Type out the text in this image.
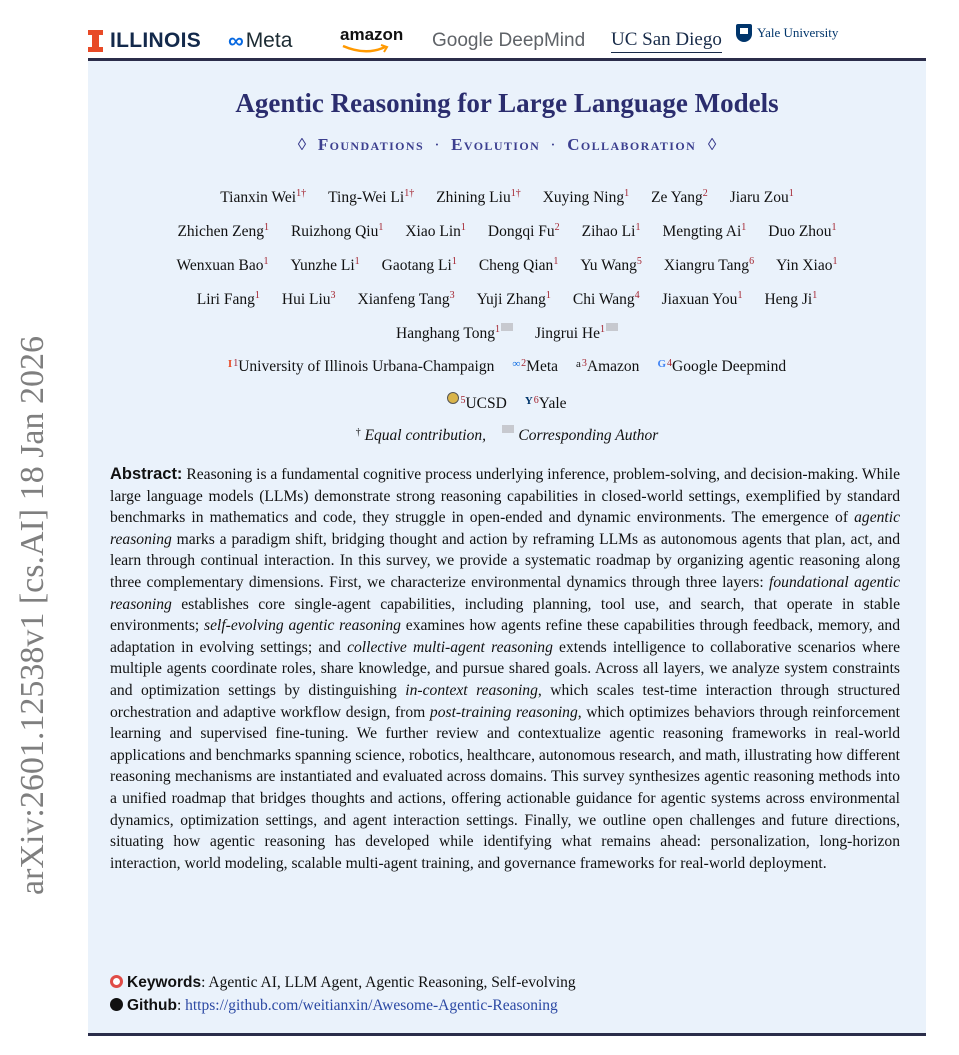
ILLINOIS ∞ Meta	amazon Google DeepMind UC San Diego	Yale University
arXiv:2601.12538v1 [cs.AI] 18 Jan 2026
Agentic Reasoning for Large Language Models
◊ Foundations · Evolution · Collaboration ◊
Tianxin Wei$^{1\dagger}$ Ting-Wei $Li^{1\dagger}$ Zhining Liu$^{1\dagger}$ Xuying Ning$^1$ Ze Yang$^2$ Jiaru Zou$^1$
Zhichen Zeng$^1$ Ruizhong Qiu$^1$ Xiao Lin$^1$ Dongqi Fu$^2$ Zihao Li$^1$ Mengting Ai$^1$ Duo Zhou$^1$
Wenxuan Bao$^1$ Yunzhe Li$^1$ Gaotang Li$^1$ Cheng Qian$^1$ Yu Wang$^5$ Xiangru Tang$^6$ Yin Xiao$^1$
Liri Fang$^1$ Hui Liu$^3$ Xianfeng Tang$^3$ Yuji Zhang$^1$ Chi Wang$^4$ Jiaxuan You$^1$ Heng Ji$^1$
Hanghang Tong$^1$ Jingrui He$^1$
$I^1University$ of Illinois Urbana-Champaign ∞$^2$Meta $a^3Amazon$ $G^4Google$ Deepmind
$^5$UCSD $Y^6Yale$
† Equal contribution, Corresponding Author
Abstract: Reasoning is a fundamental cognitive process underlying inference, problem-solving, and decision-making. While large language models (LLMs) demonstrate strong reasoning capabilities in closed-world settings, exemplified by standard benchmarks in mathematics and code, they struggle in open-ended and dynamic environments. The emergence of agentic reasoning marks a paradigm shift, bridging thought and action by reframing LLMs as autonomous agents that plan, act, and learn through continual interaction. In this survey, we provide a systematic roadmap by organizing agentic reasoning along three complementary dimensions. First, we characterize environmental dynamics through three layers: foundational agentic reasoning establishes core single-agent capabilities, including planning, tool use, and search, that operate in stable environments; self-evolving agentic reasoning examines how agents refine these capabilities through feedback, memory, and adaptation in evolving settings; and collective multi-agent reasoning extends intelligence to collaborative scenarios where multiple agents coordinate roles, share knowledge, and pursue shared goals. Across all layers, we analyze system constraints and optimization settings by distinguishing in-context reasoning, which scales test-time interaction through structured orchestration and adaptive workflow design, from post-training reasoning, which optimizes behaviors through reinforcement learning and supervised fine-tuning. We further review and contextualize agentic reasoning frameworks in real-world applications and benchmarks spanning science, robotics, healthcare, autonomous research, and math, illustrating how different reasoning mechanisms are instantiated and evaluated across domains. This survey synthesizes agentic reasoning methods into a unified roadmap that bridges thoughts and actions, offering actionable guidance for agentic systems across environmental dynamics, optimization settings, and agent interaction settings. Finally, we outline open challenges and future directions, situating how agentic reasoning has developed while identifying what remains ahead: personalization, long-horizon interaction, world modeling, scalable multi-agent training, and governance frameworks for real-world deployment.
Keywords: Agentic AI, LLM Agent, Agentic Reasoning, Self-evolving
Github: https://github.com/weitianxin/Awesome-Agentic-Reasoning
